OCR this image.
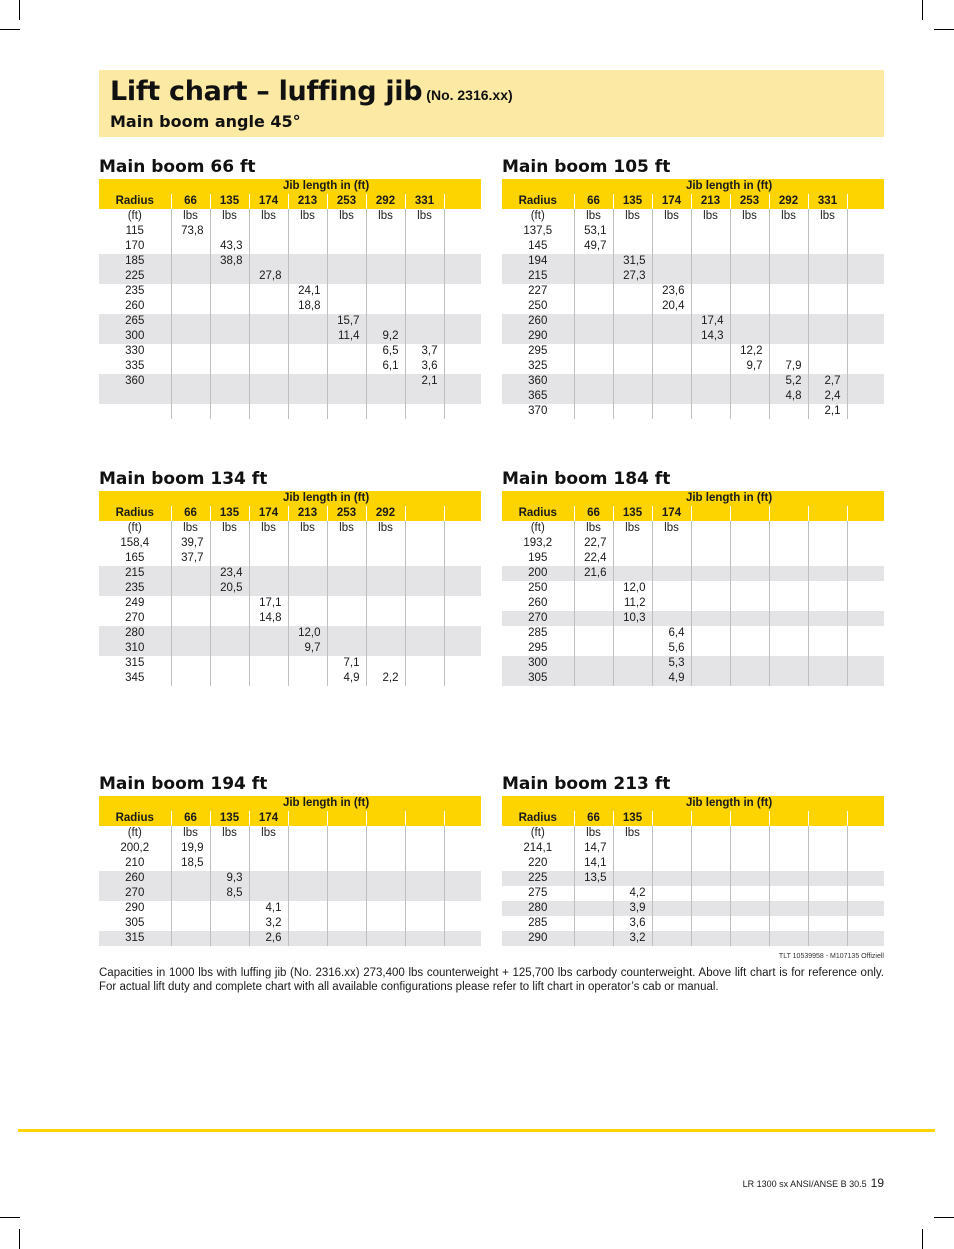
Lift chart – luffing jib (No. 2316.xx)
Main boom angle 45°
Main boom 66 ft
	Jib length in (ft)							
Radius	66	135	174	213	253	292	331	
(ft)	lbs	lbs	lbs	lbs	lbs	lbs	lbs	
115	73,8							
170		43,3						
185		38,8						
225			27,8					
235				24,1				
260				18,8				
265					15,7			
300					11,4	9,2		
330						6,5	3,7	
335						6,1	3,6	
360							2,1	

Main boom 105 ft
	Jib length in (ft)							
Radius	66	135	174	213	253	292	331	
(ft)	lbs	lbs	lbs	lbs	lbs	lbs	lbs	
137,5	53,1							
145	49,7							
194		31,5						
215		27,3						
227			23,6					
250			20,4					
260				17,4				
290				14,3				
295					12,2			
325					9,7	7,9		
360						5,2	2,7	
365						4,8	2,4	
370							2,1	
Main boom 134 ft
	Jib length in (ft)							
Radius	66	135	174	213	253	292		
(ft)	lbs	lbs	lbs	lbs	lbs	lbs		
158,4	39,7							
165	37,7							
215		23,4						
235		20,5						
249			17,1					
270			14,8					
280				12,0				
310				9,7				
315					7,1			
345					4,9	2,2		
Main boom 184 ft
	Jib length in (ft)							
Radius	66	135	174					
(ft)	lbs	lbs	lbs					
193,2	22,7							
195	22,4							
200	21,6							
250		12,0						
260		11,2						
270		10,3						
285			6,4					
295			5,6					
300			5,3					
305			4,9					
Main boom 194 ft
	Jib length in (ft)							
Radius	66	135	174					
(ft)	lbs	lbs	lbs					
200,2	19,9							
210	18,5							
260		9,3						
270		8,5						
290			4,1					
305			3,2					
315			2,6					
Main boom 213 ft
	Jib length in (ft)							
Radius	66	135						
(ft)	lbs	lbs						
214,1	14,7							
220	14,1							
225	13,5							
275		4,2						
280		3,9						
285		3,6						
290		3,2						
TLT 10539958 - M107135 Offiziell
Capacities in 1000 lbs with luffing jib (No. 2316.xx) 273,400 lbs counterweight + 125,700 lbs carbody counterweight. Above lift chart is for reference only. For actual lift duty and complete chart with all available configurations please refer to lift chart in operator’s cab or manual.
LR 1300 sx ANSI/ANSE B 30.5 19
